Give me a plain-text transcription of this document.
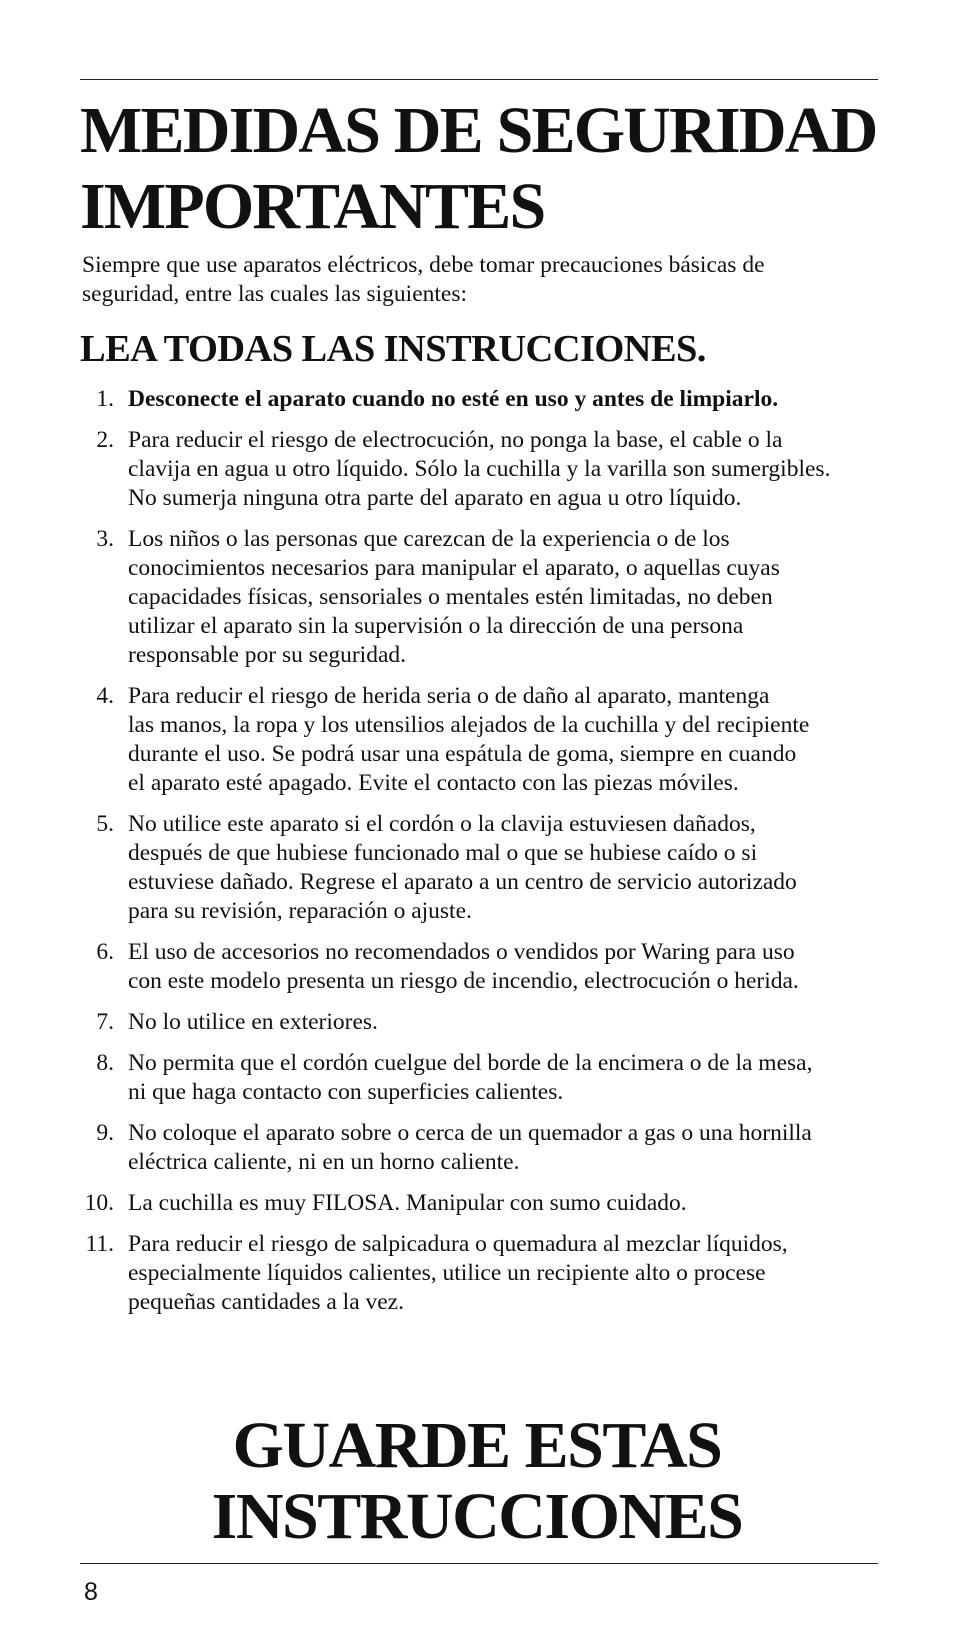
MEDIDAS DE SEGURIDAD
IMPORTANTES

Siempre que use aparatos eléctricos, debe tomar precauciones básicas de
seguridad, entre las cuales las siguientes:

LEA TODAS LAS INSTRUCCIONES.
1. Desconecte el aparato cuando no esté en uso y antes de limpiarlo.
2. Para reducir el riesgo de electrocución, no ponga la base, el cable o la
clavija en agua u otro líquido. Sólo la cuchilla y la varilla son sumergibles.
No sumerja ninguna otra parte del aparato en agua u otro líquido.
3. Los niños o las personas que carezcan de la experiencia o de los
conocimientos necesarios para manipular el aparato, o aquellas cuyas
capacidades físicas, sensoriales o mentales estén limitadas, no deben
utilizar el aparato sin la supervisión o la dirección de una persona
responsable por su seguridad.
4. Para reducir el riesgo de herida seria o de daño al aparato, mantenga
las manos, la ropa y los utensilios alejados de la cuchilla y del recipiente
durante el uso. Se podrá usar una espátula de goma, siempre en cuando
el aparato esté apagado. Evite el contacto con las piezas móviles.
5. No utilice este aparato si el cordón o la clavija estuviesen dañados,
después de que hubiese funcionado mal o que se hubiese caído o si
estuviese dañado. Regrese el aparato a un centro de servicio autorizado
para su revisión, reparación o ajuste.
6. El uso de accesorios no recomendados o vendidos por Waring para uso
con este modelo presenta un riesgo de incendio, electrocución o herida.
7. No lo utilice en exteriores.
8. No permita que el cordón cuelgue del borde de la encimera o de la mesa,
ni que haga contacto con superficies calientes.
9. No coloque el aparato sobre o cerca de un quemador a gas o una hornilla
eléctrica caliente, ni en un horno caliente.
10. La cuchilla es muy FILOSA. Manipular con sumo cuidado.
11. Para reducir el riesgo de salpicadura o quemadura al mezclar líquidos,
especialmente líquidos calientes, utilice un recipiente alto o procese
pequeñas cantidades a la vez.
GUARDE ESTAS
INSTRUCCIONES

8
